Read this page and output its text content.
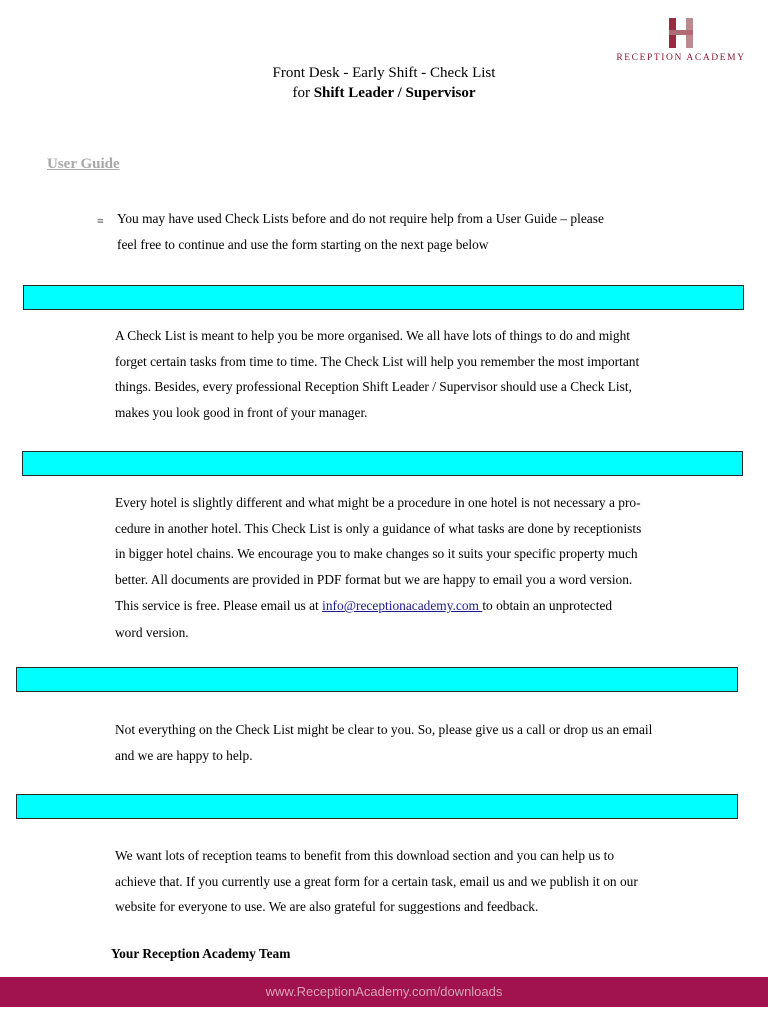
RECEPTION ACADEMY
Front Desk - Early Shift - Check List
for Shift Leader / Supervisor
User Guide
≡ You may have used Check Lists before and do not require help from a User Guide – please
feel free to continue and use the form starting on the next page below
A Check List is meant to help you be more organised. We all have lots of things to do and might
forget certain tasks from time to time. The Check List will help you remember the most important
things. Besides, every professional Reception Shift Leader / Supervisor should use a Check List,
makes you look good in front of your manager.
Every hotel is slightly different and what might be a procedure in one hotel is not necessary a pro-
cedure in another hotel. This Check List is only a guidance of what tasks are done by receptionists
in bigger hotel chains. We encourage you to make changes so it suits your specific property much
better. All documents are provided in PDF format but we are happy to email you a word version.
This service is free. Please email us at info@receptionacademy.com to obtain an unprotected
word version.
Not everything on the Check List might be clear to you. So, please give us a call or drop us an email
and we are happy to help.
We want lots of reception teams to benefit from this download section and you can help us to
achieve that. If you currently use a great form for a certain task, email us and we publish it on our
website for everyone to use. We are also grateful for suggestions and feedback.
Your Reception Academy Team
www.ReceptionAcademy.com/downloads
